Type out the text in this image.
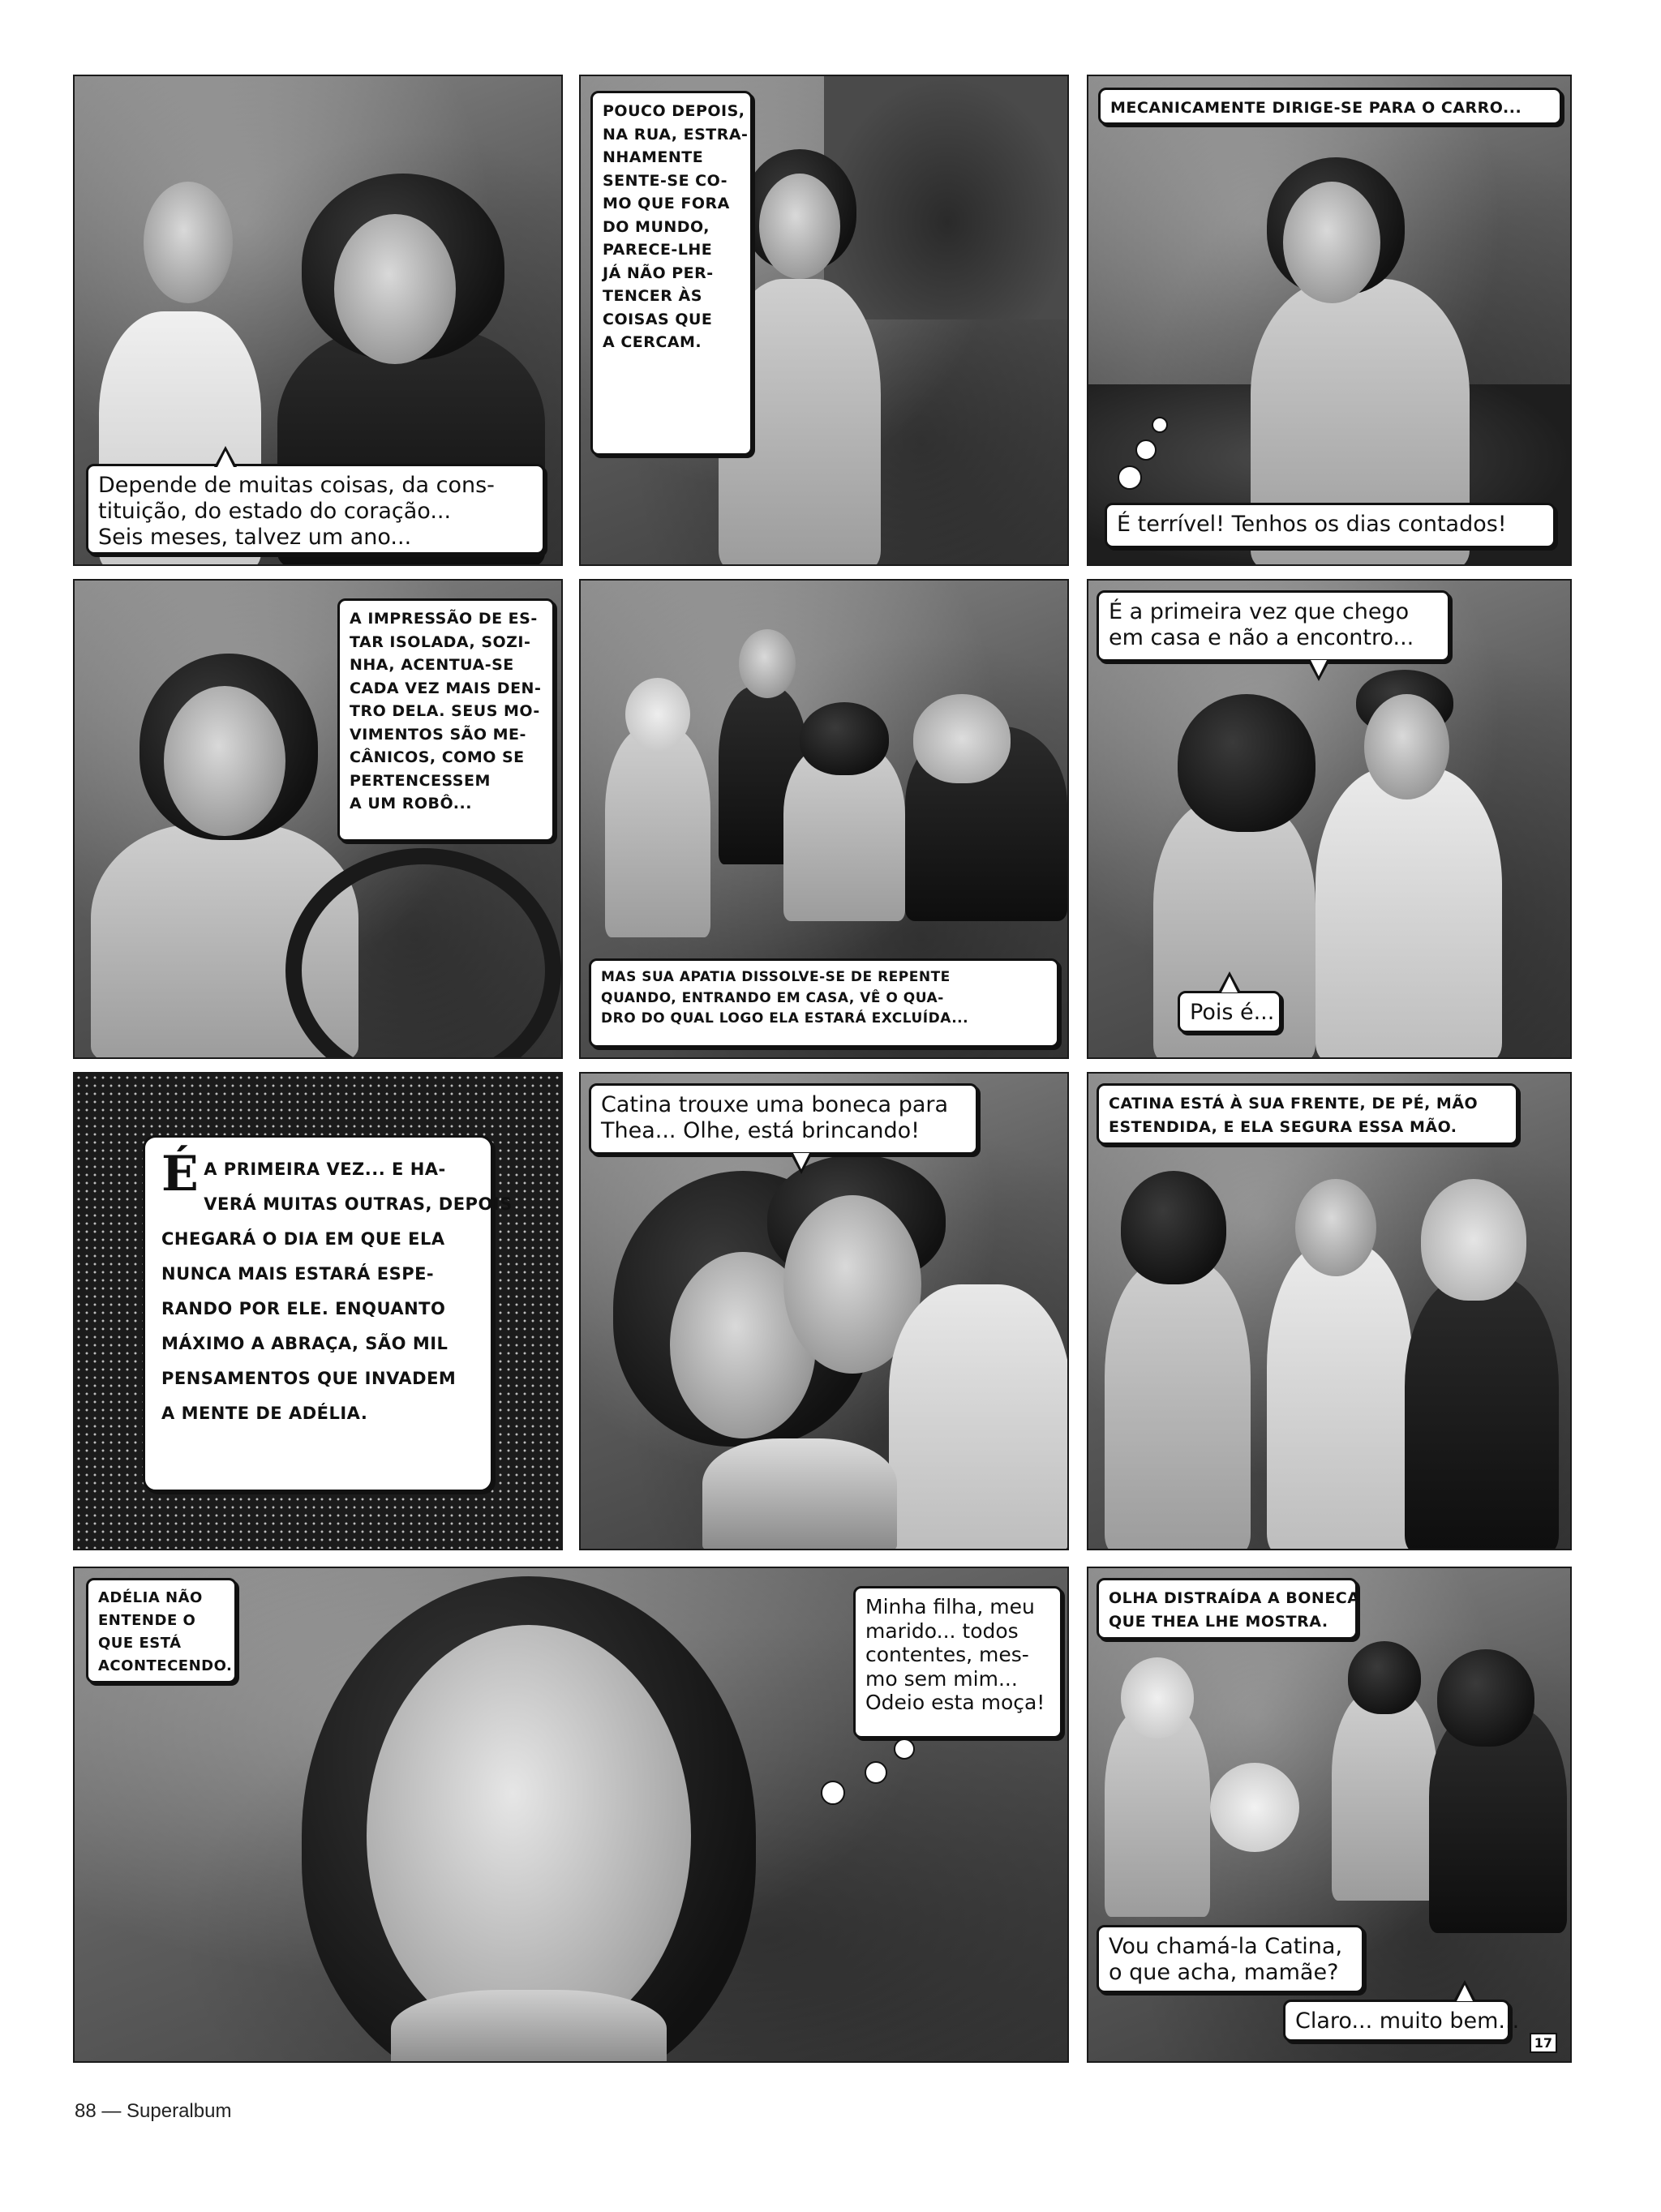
Depende de muitas coisas, da cons-
tituição, do estado do coração...
Seis meses, talvez um ano...
POUCO DEPOIS,
NA RUA, ESTRA-
NHAMENTE
SENTE-SE CO-
MO QUE FORA
DO MUNDO,
PARECE-LHE
JÁ NÃO PER-
TENCER ÀS
COISAS QUE
A CERCAM.
MECANICAMENTE DIRIGE-SE PARA O CARRO...
É terrível! Tenhos os dias contados!
A IMPRESSÃO DE ES-
TAR ISOLADA, SOZI-
NHA, ACENTUA-SE
CADA VEZ MAIS DEN-
TRO DELA. SEUS MO-
VIMENTOS SÃO ME-
CÂNICOS, COMO SE
PERTENCESSEM
A UM ROBÔ...
MAS SUA APATIA DISSOLVE-SE DE REPENTE
QUANDO, ENTRANDO EM CASA, VÊ O QUA-
DRO DO QUAL LOGO ELA ESTARÁ EXCLUÍDA...
É a primeira vez que chego
em casa e não a encontro...
Pois é...
É A PRIMEIRA VEZ... E HA-
VERÁ MUITAS OUTRAS, DEPOIS
CHEGARÁ O DIA EM QUE ELA
NUNCA MAIS ESTARÁ ESPE-
RANDO POR ELE. ENQUANTO
MÁXIMO A ABRAÇA, SÃO MIL
PENSAMENTOS QUE INVADEM
A MENTE DE ADÉLIA.
Catina trouxe uma boneca para
Thea... Olhe, está brincando!
CATINA ESTÁ À SUA FRENTE, DE PÉ, MÃO
ESTENDIDA, E ELA SEGURA ESSA MÃO.
ADÉLIA NÃO
ENTENDE O
QUE ESTÁ
ACONTECENDO.
Minha filha, meu
marido... todos
contentes, mes-
mo sem mim...
Odeio esta moça!
OLHA DISTRAÍDA A BONECA
QUE THEA LHE MOSTRA.
Vou chamá-la Catina,
o que acha, mamãe?
Claro... muito bem...
17
88 — Superalbum
